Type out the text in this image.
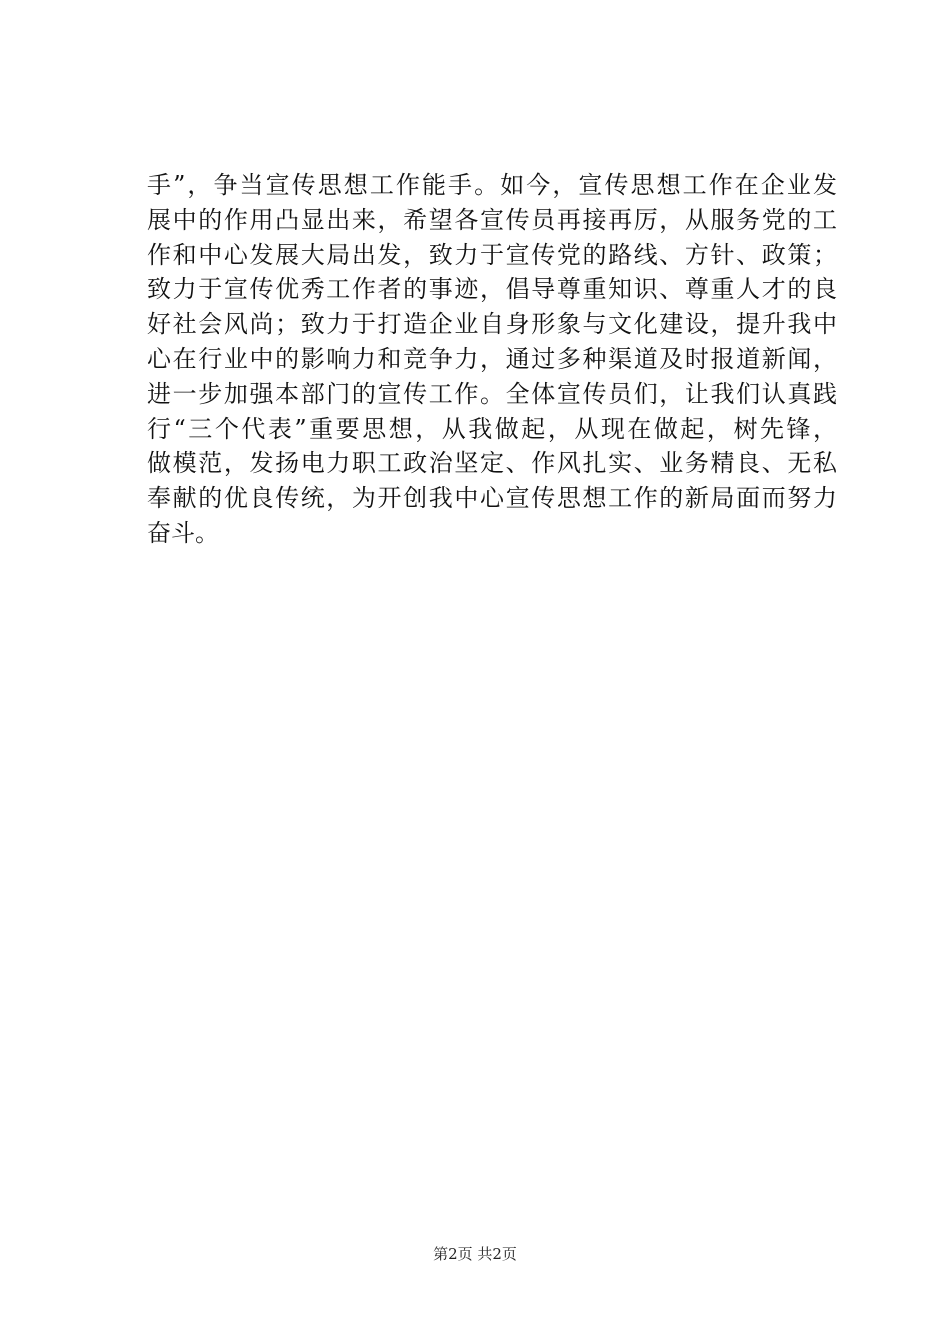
手”，争当宣传思想工作能手。如今，宣传思想工作在企业发
展中的作用凸显出来，希望各宣传员再接再厉，从服务党的工
作和中心发展大局出发，致力于宣传党的路线、方针、政策；
致力于宣传优秀工作者的事迹，倡导尊重知识、尊重人才的良
好社会风尚；致力于打造企业自身形象与文化建设，提升我中
心在行业中的影响力和竞争力，通过多种渠道及时报道新闻，
进一步加强本部门的宣传工作。全体宣传员们，让我们认真践
行“三个代表”重要思想，从我做起，从现在做起，树先锋，
做模范，发扬电力职工政治坚定、作风扎实、业务精良、无私
奉献的优良传统，为开创我中心宣传思想工作的新局面而努力
奋斗。
第2页 共2页
